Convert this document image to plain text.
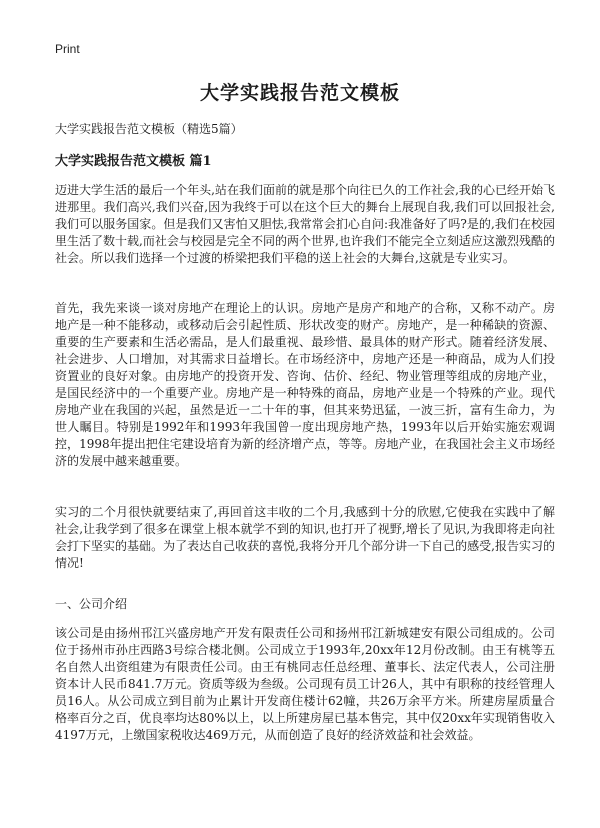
Print
大学实践报告范文模板
大学实践报告范文模板（精选5篇）
大学实践报告范文模板 篇1

迈进大学生活的最后一个年头,站在我们面前的就是那个向往已久的工作社会,我的心已经开始飞进那里。我们高兴,我们兴奋,因为我终于可以在这个巨大的舞台上展现自我,我们可以回报社会,我们可以服务国家。但是我们又害怕又胆怯,我常常会扪心自问:我准备好了吗?是的,我们在校园里生活了数十载,而社会与校园是完全不同的两个世界,也许我们不能完全立刻适应这激烈残酷的社会。所以我们选择一个过渡的桥梁把我们平稳的送上社会的大舞台,这就是专业实习。

首先，我先来谈一谈对房地产在理论上的认识。房地产是房产和地产的合称，又称不动产。房地产是一种不能移动，或移动后会引起性质、形状改变的财产。房地产，是一种稀缺的资源、重要的生产要素和生活必需品，是人们最重视、最珍惜、最具体的财产形式。随着经济发展、社会进步、人口增加，对其需求日益增长。在市场经济中，房地产还是一种商品，成为人们投资置业的良好对象。由房地产的投资开发、咨询、估价、经纪、物业管理等组成的房地产业，是国民经济中的一个重要产业。房地产是一种特殊的商品，房地产业是一个特殊的产业。现代房地产业在我国的兴起，虽然是近一二十年的事，但其来势迅猛，一波三折，富有生命力，为世人瞩目。特别是1992年和1993年我国曾一度出现房地产热，1993年以后开始实施宏观调控，1998年提出把住宅建设培育为新的经济增产点，等等。房地产业，在我国社会主义市场经济的发展中越来越重要。

实习的二个月很快就要结束了,再回首这丰收的二个月,我感到十分的欣慰,它使我在实践中了解社会,让我学到了很多在课堂上根本就学不到的知识,也打开了视野,增长了见识,为我即将走向社会打下坚实的基础。为了表达自己收获的喜悦,我将分开几个部分讲一下自己的感受,报告实习的情况!

一、公司介绍

该公司是由扬州邗江兴盛房地产开发有限责任公司和扬州邗江新城建安有限公司组成的。公司位于扬州市孙庄西路3号综合楼北侧。公司成立于1993年,20xx年12月份改制。由王有桃等五名自然人出资组建为有限责任公司。由王有桃同志任总经理、董事长、法定代表人，公司注册资本计人民币841.7万元。资质等级为叁级。公司现有员工计26人，其中有职称的技经管理人员16人。从公司成立到目前为止累计开发商住楼计62幢，共26万余平方米。所建房屋质量合格率百分之百，优良率均达80%以上，以上所建房屋已基本售完，其中仅20xx年实现销售收入4197万元，上缴国家税收达469万元，从而创造了良好的经济效益和社会效益。
